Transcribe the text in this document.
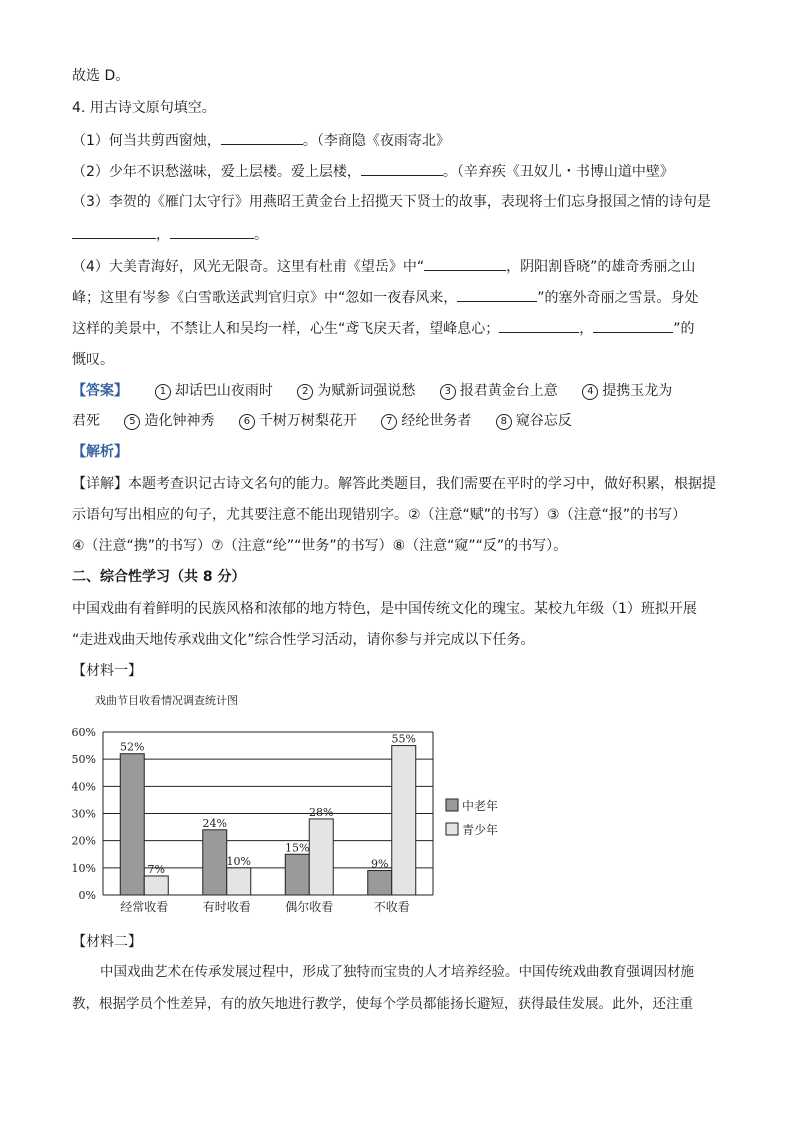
故选 D。
4. 用古诗文原句填空。
（1）何当共剪西窗烛，	。（李商隐《夜雨寄北》
（2）少年不识愁滋味，爱上层楼。爱上层楼，	。（辛弃疾《丑奴儿・书博山道中壁》
（3）李贺的《雁门太守行》用燕昭王黄金台上招揽天下贤士的故事，表现将士们忘身报国之情的诗句是
，	。
（4）大美青海好，风光无限奇。这里有杜甫《望岳》中“	，阴阳割昏晓”的雄奇秀丽之山
峰；这里有岑参《白雪歌送武判官归京》中“忽如一夜春风来，	”的塞外奇丽之雪景。身处
这样的美景中，不禁让人和吴均一样，心生“鸢飞戾天者，望峰息心；	，	”的
慨叹。
【答案】	1 却话巴山夜雨时	2 为赋新词强说愁	3 报君黄金台上意	4 提携玉龙为
君死	5 造化钟神秀	6 千树万树梨花开	7 经纶世务者	8 窥谷忘反
【解析】
【详解】本题考查识记古诗文名句的能力。解答此类题目，我们需要在平时的学习中，做好积累，根据提
示语句写出相应的句子，尤其要注意不能出现错别字。②（注意“赋”的书写）③（注意“报”的书写）
④（注意“携”的书写）⑦（注意“纶”“世务”的书写）⑧（注意“窥”“反”的书写）。
二、综合性学习（共 8 分）
中国戏曲有着鲜明的民族风格和浓郁的地方特色，是中国传统文化的瑰宝。某校九年级（1）班拟开展
“走进戏曲天地传承戏曲文化”综合性学习活动，请你参与并完成以下任务。
【材料一】
戏曲节目收看情况调查统计图
0%
10%
20%
30%
40%
50%
60%
52%
7%
经常收看
24%
10%
有时收看
15%
28%
偶尔收看
9%
55%
不收看
中老年
青少年
【材料二】
中国戏曲艺术在传承发展过程中，形成了独特而宝贵的人才培养经验。中国传统戏曲教育强调因材施
教，根据学员个性差异，有的放矢地进行教学，使每个学员都能扬长避短，获得最佳发展。此外，还注重
